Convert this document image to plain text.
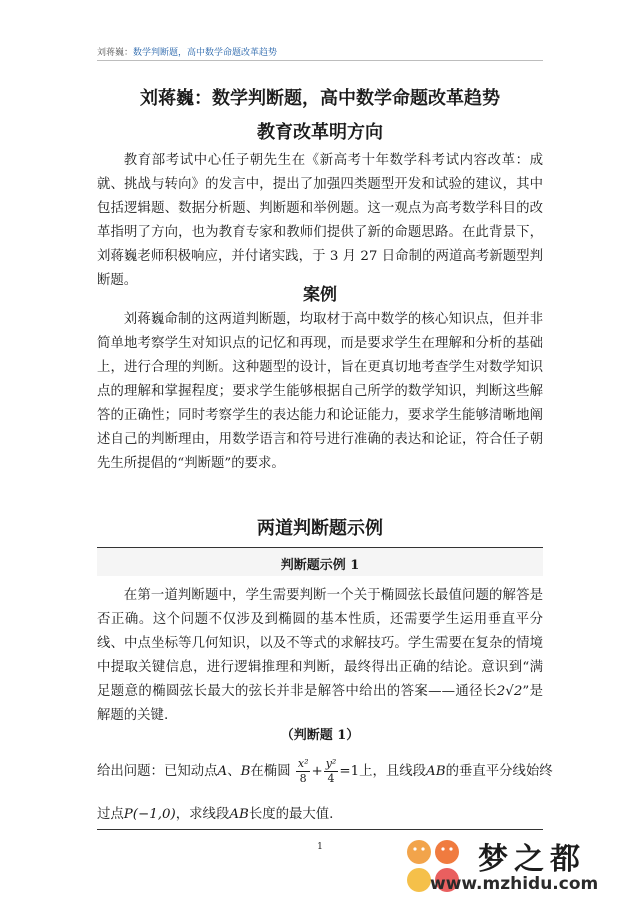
刘蒋巍：数学判断题，高中数学命题改革趋势
刘蒋巍：数学判断题，高中数学命题改革趋势
教育改革明方向

教育部考试中心任子朝先生在《新高考十年数学科考试内容改革：成就、挑战与转向》的发言中，提出了加强四类题型开发和试验的建议，其中包括逻辑题、数据分析题、判断题和举例题。这一观点为高考数学科目的改革指明了方向，也为教育专家和教师们提供了新的命题思路。在此背景下，刘蒋巍老师积极响应，并付诸实践，于 3 月 27 日命制的两道高考新题型判断题。

案例

刘蒋巍命制的这两道判断题，均取材于高中数学的核心知识点，但并非简单地考察学生对知识点的记忆和再现，而是要求学生在理解和分析的基础上，进行合理的判断。这种题型的设计，旨在更真切地考查学生对数学知识点的理解和掌握程度；要求学生能够根据自己所学的数学知识，判断这些解答的正确性；同时考察学生的表达能力和论证能力，要求学生能够清晰地阐述自己的判断理由，用数学语言和符号进行准确的表达和论证，符合任子朝先生所提倡的“判断题”的要求。

两道判断题示例
判断题示例 1

在第一道判断题中，学生需要判断一个关于椭圆弦长最值问题的解答是否正确。这个问题不仅涉及到椭圆的基本性质，还需要学生运用垂直平分线、中点坐标等几何知识，以及不等式的求解技巧。学生需要在复杂的情境中提取关键信息，进行逻辑推理和判断，最终得出正确的结论。意识到“满足题意的椭圆弦长最大的弦长并非是解答中给出的答案——通径长2√2”是解题的关键.

（判断题 1）
给出问题：已知动点A、B在椭圆 $\frac{\text{x²}}{8} + \frac{\text{y²}}{4} =1$上，且线段AB的垂直平分线始终
过点P(−1,0)，求线段AB长度的最大值.
1	梦之都
www.mzhidu.com
